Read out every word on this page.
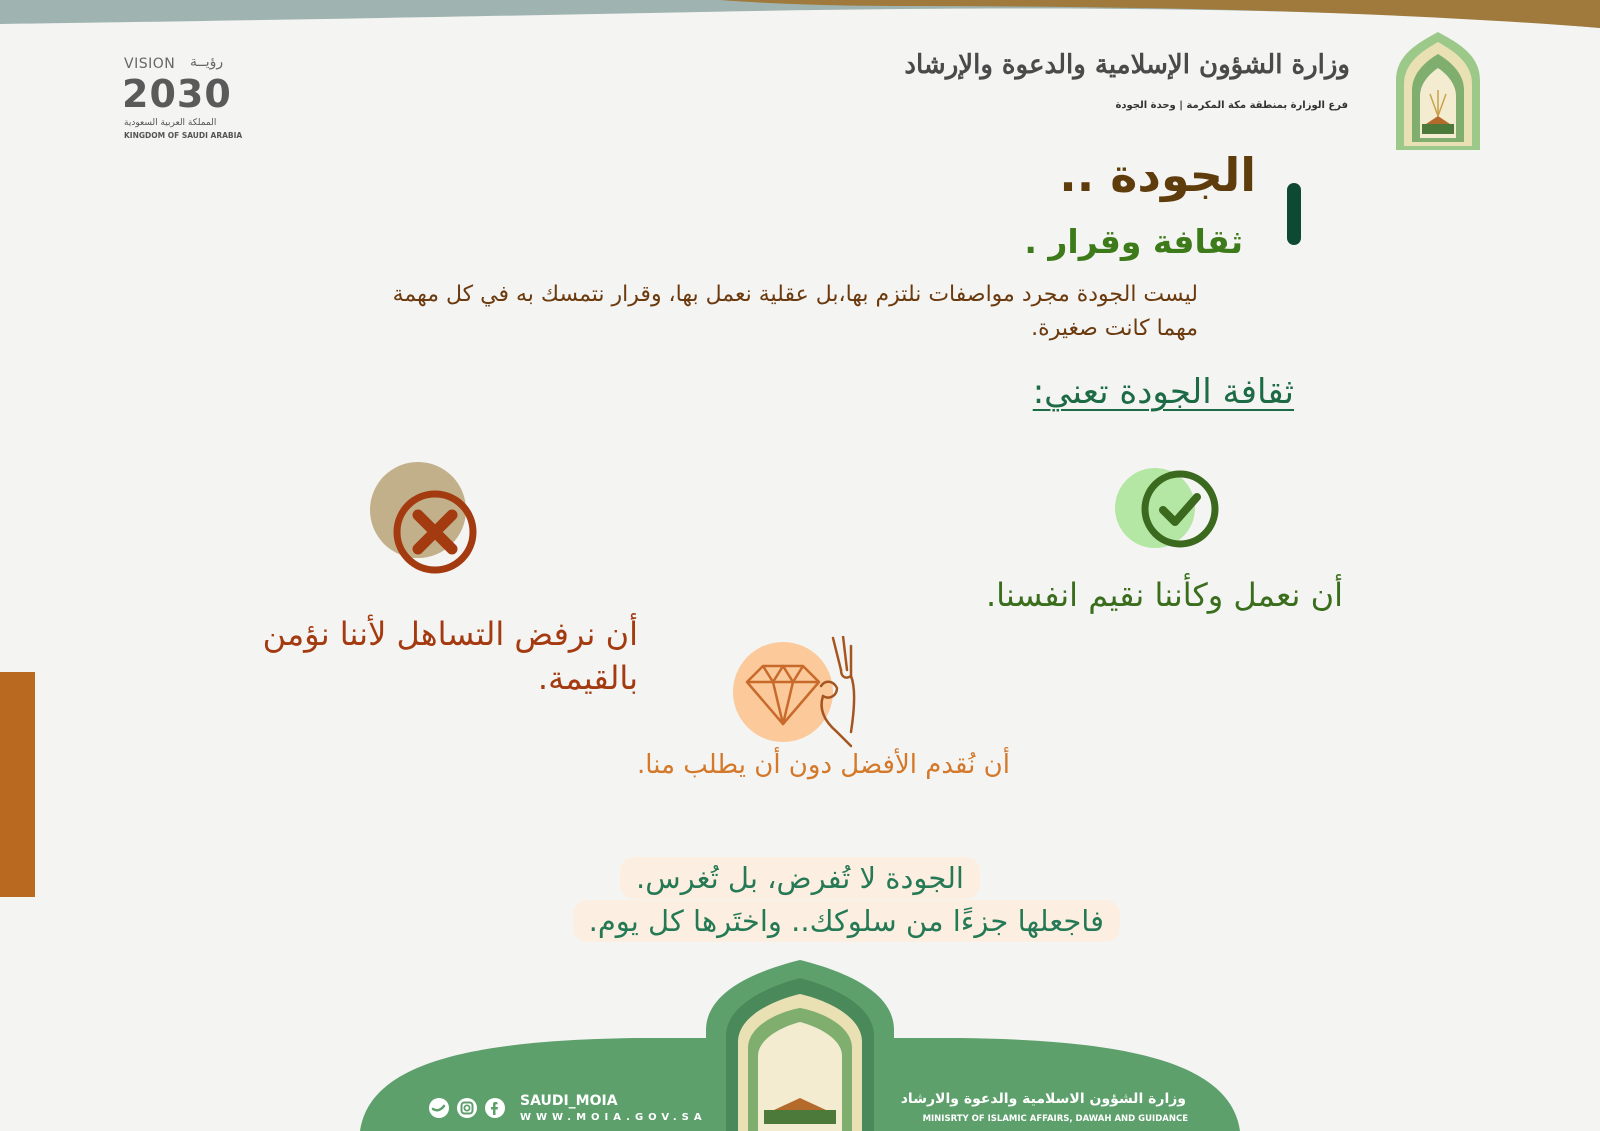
VISION رؤيــة
2030
المملكة العربية السعودية
KINGDOM OF SAUDI ARABIA
وزارة الشؤون الإسلامية والدعوة والإرشاد
فرع الوزارة بمنطقة مكة المكرمة | وحدة الجودة
الجودة ..
ثقافة وقرار .
ليست الجودة مجرد مواصفات نلتزم بها،بل عقلية نعمل بها، وقرار نتمسك به في كل مهمة
مهما كانت صغيرة.
ثقافة الجودة تعني:
أن نعمل وكأننا نقيم انفسنا.
أن نرفض التساهل لأننا نؤمن
بالقيمة.
أن نُقدم الأفضل دون أن يطلب منا.
الجودة لا تُفرض، بل تُغرس.
فاجعلها جزءًا من سلوكك.. واختَرها كل يوم.
SAUDI_MOIA
WWW.MOIA.GOV.SA
وزارة الشؤون الاسلامية والدعوة والارشاد
MINISRTY OF ISLAMIC AFFAIRS, DAWAH AND GUIDANCE
